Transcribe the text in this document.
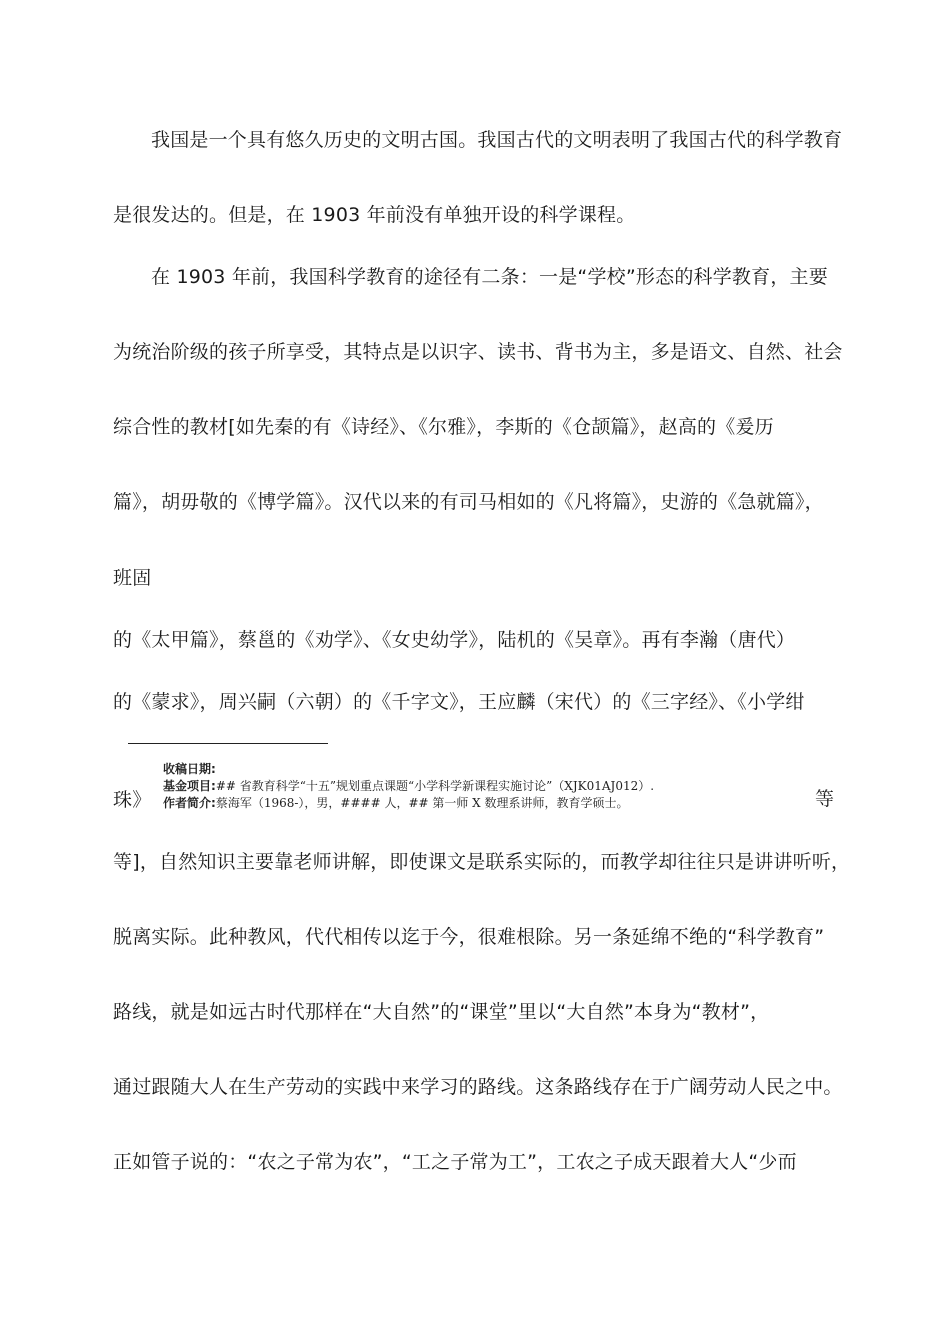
我国是一个具有悠久历史的文明古国。我国古代的文明表明了我国古代的科学教育

是很发达的。但是，在 1903 年前没有单独开设的科学课程。

在 1903 年前，我国科学教育的途径有二条：一是“学校”形态的科学教育，主要

为统治阶级的孩子所享受，其特点是以识字、读书、背书为主，多是语文、自然、社会

综合性的教材[如先秦的有《诗经》、《尔雅》，李斯的《仓颉篇》，赵高的《爰历

篇》，胡毋敬的《博学篇》。汉代以来的有司马相如的《凡将篇》，史游的《急就篇》，

班固

的《太甲篇》，蔡邕的《劝学》、《女史幼学》，陆机的《吴章》。再有李瀚（唐代）

的《蒙求》，周兴嗣（六朝）的《千字文》，王应麟（宋代）的《三字经》、《小学绀

珠》

收稿日期:
基金项目:## 省教育科学“十五”规划重点课题“小学科学新课程实施讨论”（XJK01AJ012）.
作者简介:蔡海军（1968-），男，#### 人，## 第一师 X 数理系讲师，教育学硕士。	等

等]，自然知识主要靠老师讲解，即使课文是联系实际的，而教学却往往只是讲讲听听，

脱离实际。此种教风，代代相传以迄于今，很难根除。另一条延绵不绝的“科学教育”

路线，就是如远古时代那样在“大自然”的“课堂”里以“大自然”本身为“教材”，

通过跟随大人在生产劳动的实践中来学习的路线。这条路线存在于广阔劳动人民之中。

正如管子说的：“农之子常为农”，“工之子常为工”，工农之子成天跟着大人“少而
